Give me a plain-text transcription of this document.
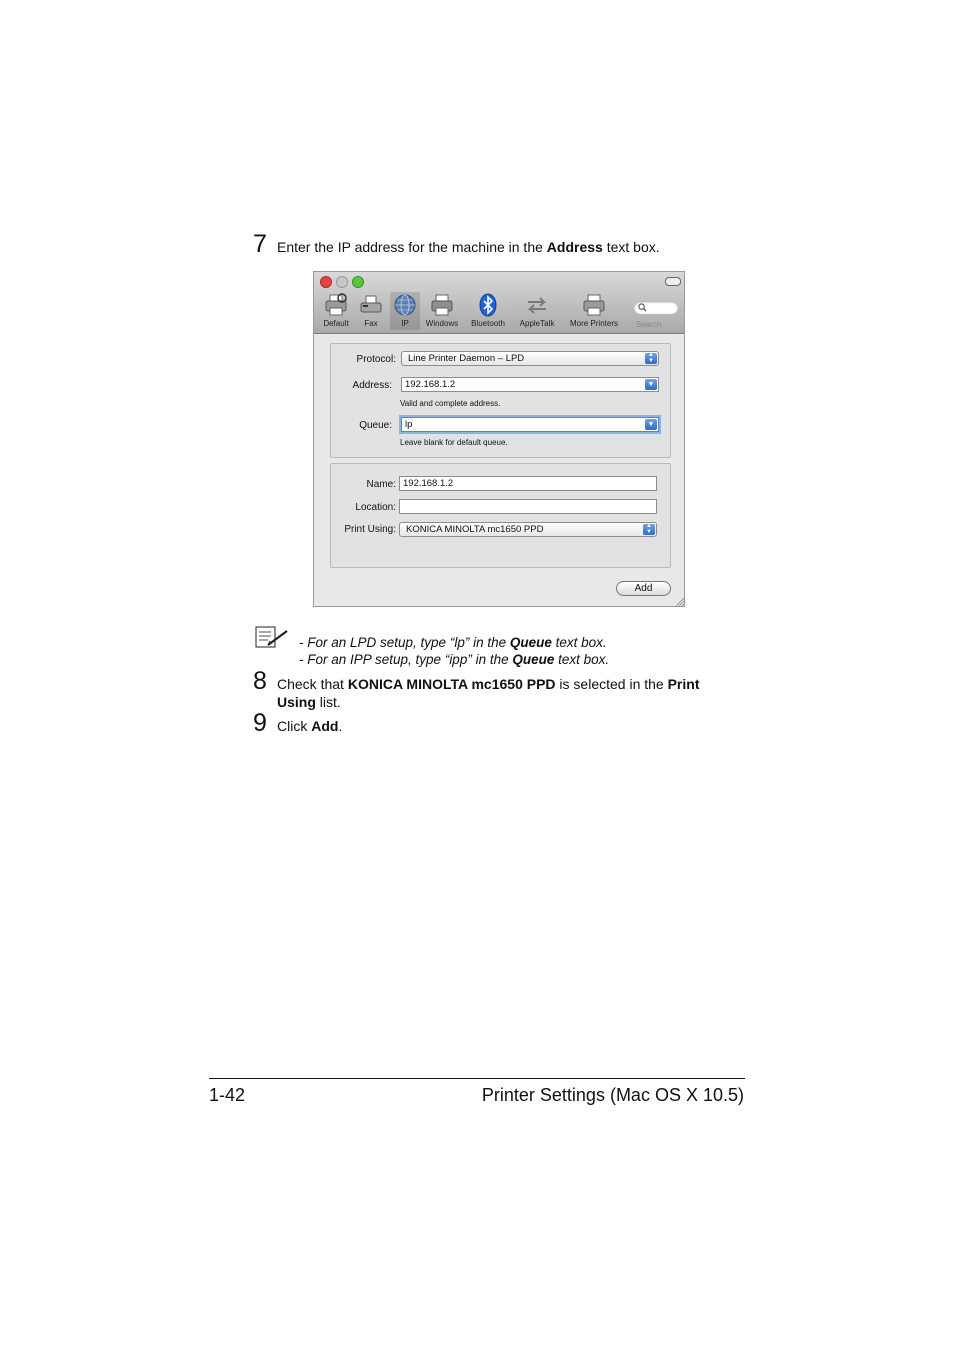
7 Enter the IP address for the machine in the Address text box.
Default	Fax	IP	Windows	Bluetooth	AppleTalk	More Printers	Search
Protocol:	Line Printer Daemon – LPD	▲
▼
Address:	192.168.1.2	▼
Valid and complete address.
Queue:	lp	▼
Leave blank for default queue.
Name: 192.168.1.2
Location:
Print Using:	KONICA MINOLTA mc1650 PPD	▲
▼
Add
- For an LPD setup, type “lp” in the Queue text box.
- For an IPP setup, type “ipp” in the Queue text box.
8 Check that KONICA MINOLTA mc1650 PPD is selected in the Print
Using list.
9 Click Add.
1-42	Printer Settings (Mac OS X 10.5)
